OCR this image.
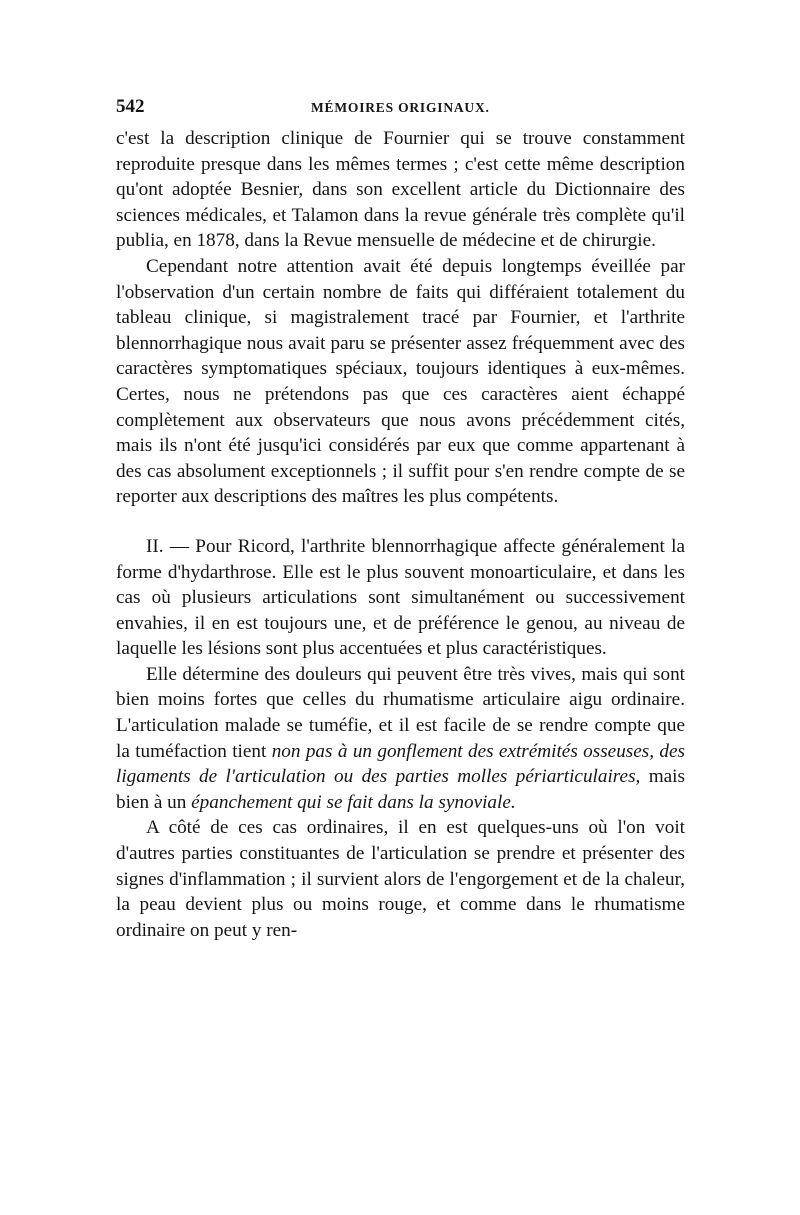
542	MÉMOIRES ORIGINAUX.

c'est la description clinique de Fournier qui se trouve constamment reproduite presque dans les mêmes termes ; c'est cette même description qu'ont adoptée Besnier, dans son excellent article du Dictionnaire des sciences médicales, et Talamon dans la revue générale très complète qu'il publia, en 1878, dans la Revue mensuelle de médecine et de chirurgie.

Cependant notre attention avait été depuis longtemps éveillée par l'observation d'un certain nombre de faits qui différaient totalement du tableau clinique, si magistralement tracé par Fournier, et l'arthrite blennorrhagique nous avait paru se présenter assez fréquemment avec des caractères symptomatiques spéciaux, toujours identiques à eux-mêmes. Certes, nous ne prétendons pas que ces caractères aient échappé complètement aux observateurs que nous avons précédemment cités, mais ils n'ont été jusqu'ici considérés par eux que comme appartenant à des cas absolument exceptionnels ; il suffit pour s'en rendre compte de se reporter aux descriptions des maîtres les plus compétents.

II. — Pour Ricord, l'arthrite blennorrhagique affecte généralement la forme d'hydarthrose. Elle est le plus souvent monoarticulaire, et dans les cas où plusieurs articulations sont simultanément ou successivement envahies, il en est toujours une, et de préférence le genou, au niveau de laquelle les lésions sont plus accentuées et plus caractéristiques.

Elle détermine des douleurs qui peuvent être très vives, mais qui sont bien moins fortes que celles du rhumatisme articulaire aigu ordinaire. L'articulation malade se tuméfie, et il est facile de se rendre compte que la tuméfaction tient non pas à un gonflement des extrémités osseuses, des ligaments de l'articulation ou des parties molles périarticulaires, mais bien à un épanchement qui se fait dans la synoviale.

A côté de ces cas ordinaires, il en est quelques-uns où l'on voit d'autres parties constituantes de l'articulation se prendre et présenter des signes d'inflammation ; il survient alors de l'engorgement et de la chaleur, la peau devient plus ou moins rouge, et comme dans le rhumatisme ordinaire on peut y ren-
